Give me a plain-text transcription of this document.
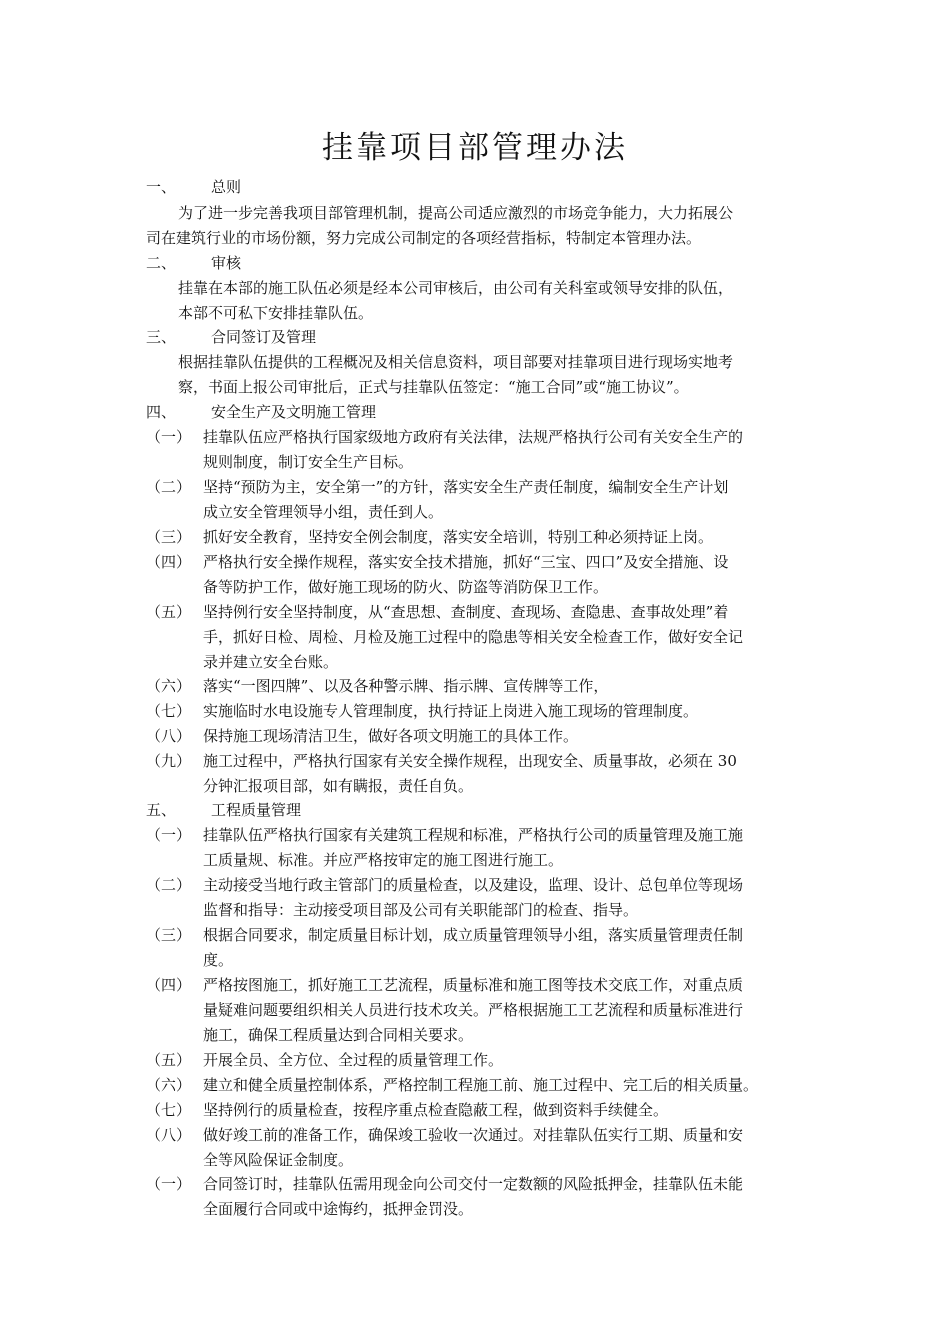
挂靠项目部管理办法
一、 总则
为了进一步完善我项目部管理机制，提高公司适应激烈的市场竞争能力，大力拓展公
司在建筑行业的市场份额，努力完成公司制定的各项经营指标，特制定本管理办法。
二、 审核
挂靠在本部的施工队伍必须是经本公司审核后，由公司有关科室或领导安排的队伍，
本部不可私下安排挂靠队伍。
三、 合同签订及管理
根据挂靠队伍提供的工程概况及相关信息资料，项目部要对挂靠项目进行现场实地考
察，书面上报公司审批后，正式与挂靠队伍签定：“施工合同”或“施工协议”。
四、 安全生产及文明施工管理
（一） 挂靠队伍应严格执行国家级地方政府有关法律，法规严格执行公司有关安全生产的
规则制度，制订安全生产目标。
（二） 坚持“预防为主，安全第一”的方针，落实安全生产责任制度，编制安全生产计划
成立安全管理领导小组，责任到人。
（三） 抓好安全教育，坚持安全例会制度，落实安全培训，特别工种必须持证上岗。
（四） 严格执行安全操作规程，落实安全技术措施，抓好“三宝、四口”及安全措施、设
备等防护工作，做好施工现场的防火、防盗等消防保卫工作。
（五） 坚持例行安全坚持制度，从“查思想、查制度、查现场、查隐患、查事故处理”着
手，抓好日检、周检、月检及施工过程中的隐患等相关安全检查工作，做好安全记
录并建立安全台账。
（六） 落实“一图四牌”、以及各种警示牌、指示牌、宣传牌等工作，
（七） 实施临时水电设施专人管理制度，执行持证上岗进入施工现场的管理制度。
（八） 保持施工现场清洁卫生，做好各项文明施工的具体工作。
（九） 施工过程中，严格执行国家有关安全操作规程，出现安全、质量事故，必须在 30
分钟汇报项目部，如有瞒报，责任自负。
五、 工程质量管理
（一） 挂靠队伍严格执行国家有关建筑工程规和标准，严格执行公司的质量管理及施工施
工质量规、标准。并应严格按审定的施工图进行施工。
（二） 主动接受当地行政主管部门的质量检查，以及建设，监理、设计、总包单位等现场
监督和指导：主动接受项目部及公司有关职能部门的检查、指导。
（三） 根据合同要求，制定质量目标计划，成立质量管理领导小组，落实质量管理责任制
度。
（四） 严格按图施工，抓好施工工艺流程，质量标准和施工图等技术交底工作，对重点质
量疑难问题要组织相关人员进行技术攻关。严格根据施工工艺流程和质量标准进行
施工，确保工程质量达到合同相关要求。
（五） 开展全员、全方位、全过程的质量管理工作。
（六） 建立和健全质量控制体系，严格控制工程施工前、施工过程中、完工后的相关质量。
（七） 坚持例行的质量检查，按程序重点检查隐蔽工程，做到资料手续健全。
（八） 做好竣工前的准备工作，确保竣工验收一次通过。对挂靠队伍实行工期、质量和安
全等风险保证金制度。
（一） 合同签订时，挂靠队伍需用现金向公司交付一定数额的风险抵押金，挂靠队伍未能
全面履行合同或中途悔约，抵押金罚没。
